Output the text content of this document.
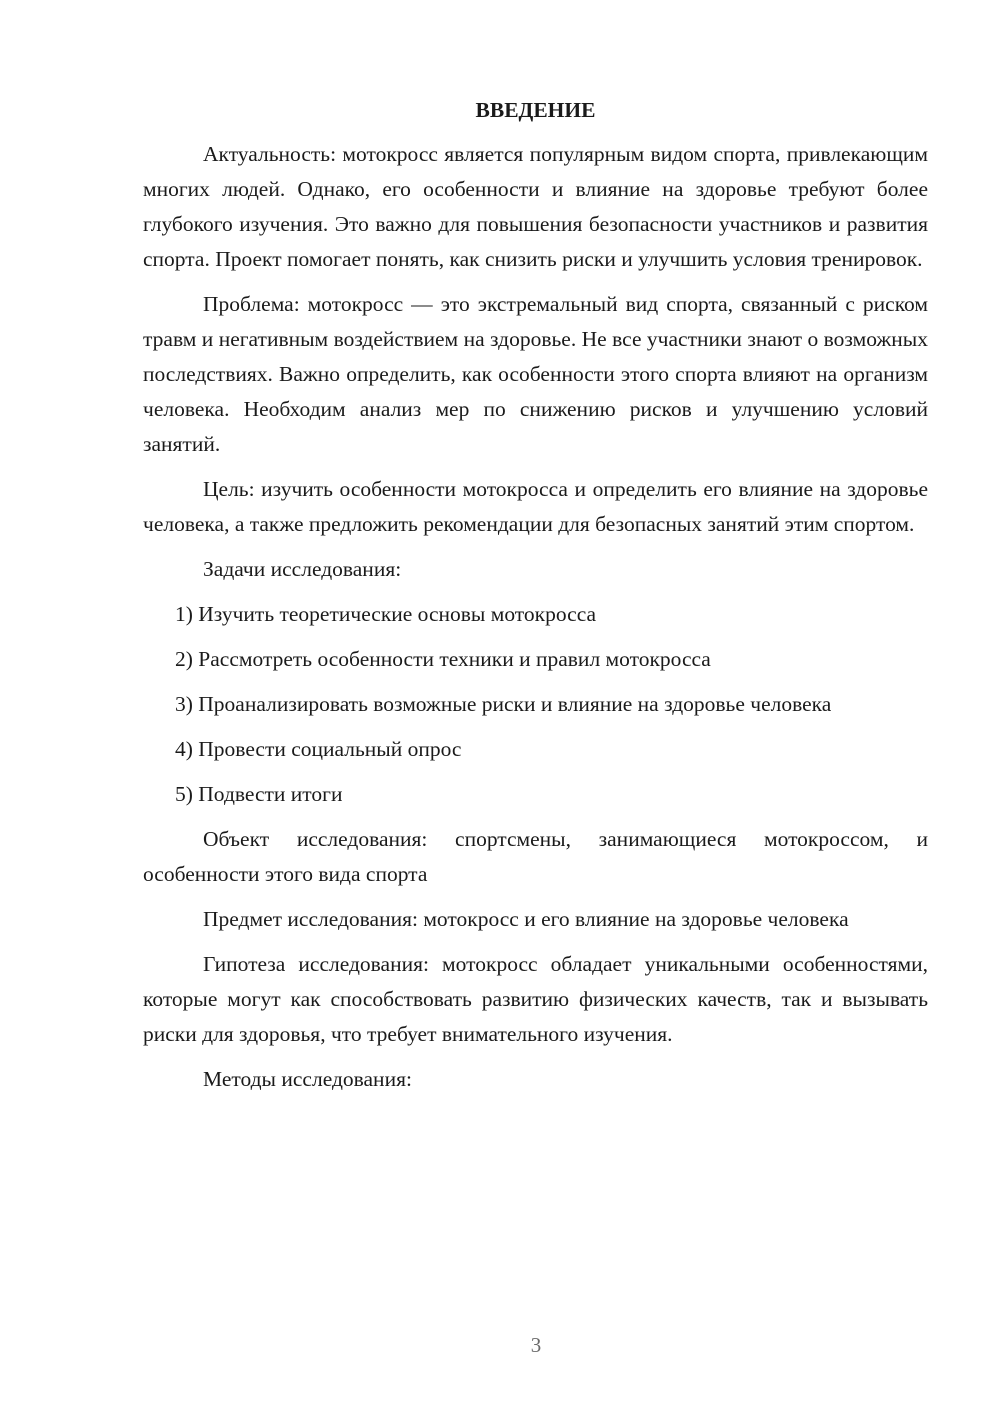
ВВЕДЕНИЕ

Актуальность: мотокросс является популярным видом спорта, привлекающим многих людей. Однако, его особенности и влияние на здоровье требуют более глубокого изучения. Это важно для повышения безопасности участников и развития спорта. Проект помогает понять, как снизить риски и улучшить условия тренировок.

Проблема: мотокросс — это экстремальный вид спорта, связанный с риском травм и негативным воздействием на здоровье. Не все участники знают о возможных последствиях. Важно определить, как особенности этого спорта влияют на организм человека. Необходим анализ мер по снижению рисков и улучшению условий занятий.

Цель: изучить особенности мотокросса и определить его влияние на здоровье человека, а также предложить рекомендации для безопасных занятий этим спортом.

Задачи исследования:

1) Изучить теоретические основы мотокросса

2) Рассмотреть особенности техники и правил мотокросса

3) Проанализировать возможные риски и влияние на здоровье человека

4) Провести социальный опрос

5) Подвести итоги

Объект исследования: спортсмены, занимающиеся мотокроссом, и особенности этого вида спорта

Предмет исследования: мотокросс и его влияние на здоровье человека

Гипотеза исследования: мотокросс обладает уникальными особенностями, которые могут как способствовать развитию физических качеств, так и вызывать риски для здоровья, что требует внимательного изучения.

Методы исследования:

3
